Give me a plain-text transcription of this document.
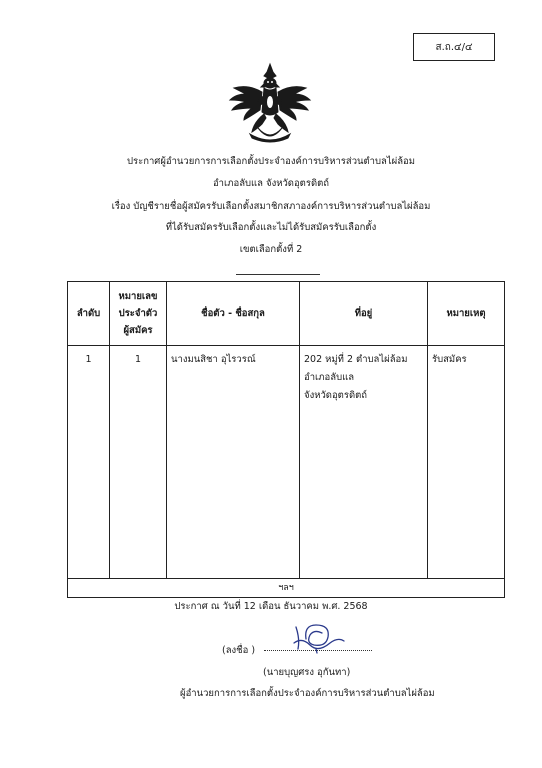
ส.ถ.๔/๔
ประกาศผู้อำนวยการการเลือกตั้งประจำองค์การบริหารส่วนตำบลไผ่ล้อม
อำเภอลับแล จังหวัดอุตรดิตถ์
เรื่อง บัญชีรายชื่อผู้สมัครรับเลือกตั้งสมาชิกสภาองค์การบริหารส่วนตำบลไผ่ล้อม
ที่ได้รับสมัครรับเลือกตั้งและไม่ได้รับสมัครรับเลือกตั้ง
เขตเลือกตั้งที่ 2
ลำดับ	หมายเลข
ประจำตัว
ผู้สมัคร	ชื่อตัว - ชื่อสกุล	ที่อยู่	หมายเหตุ
1	1	นางมนสิชา อุไรวรณ์	202 หมู่ที่ 2 ตำบลไผ่ล้อม
อำเภอลับแล
จังหวัดอุตรดิตถ์	รับสมัคร
ฯลฯ				
ประกาศ ณ วันที่ 12 เดือน ธันวาคม พ.ศ. 2568
(ลงชื่อ )
(นายบุญศรง อุกันทา)
ผู้อำนวยการการเลือกตั้งประจำองค์การบริหารส่วนตำบลไผ่ล้อม
